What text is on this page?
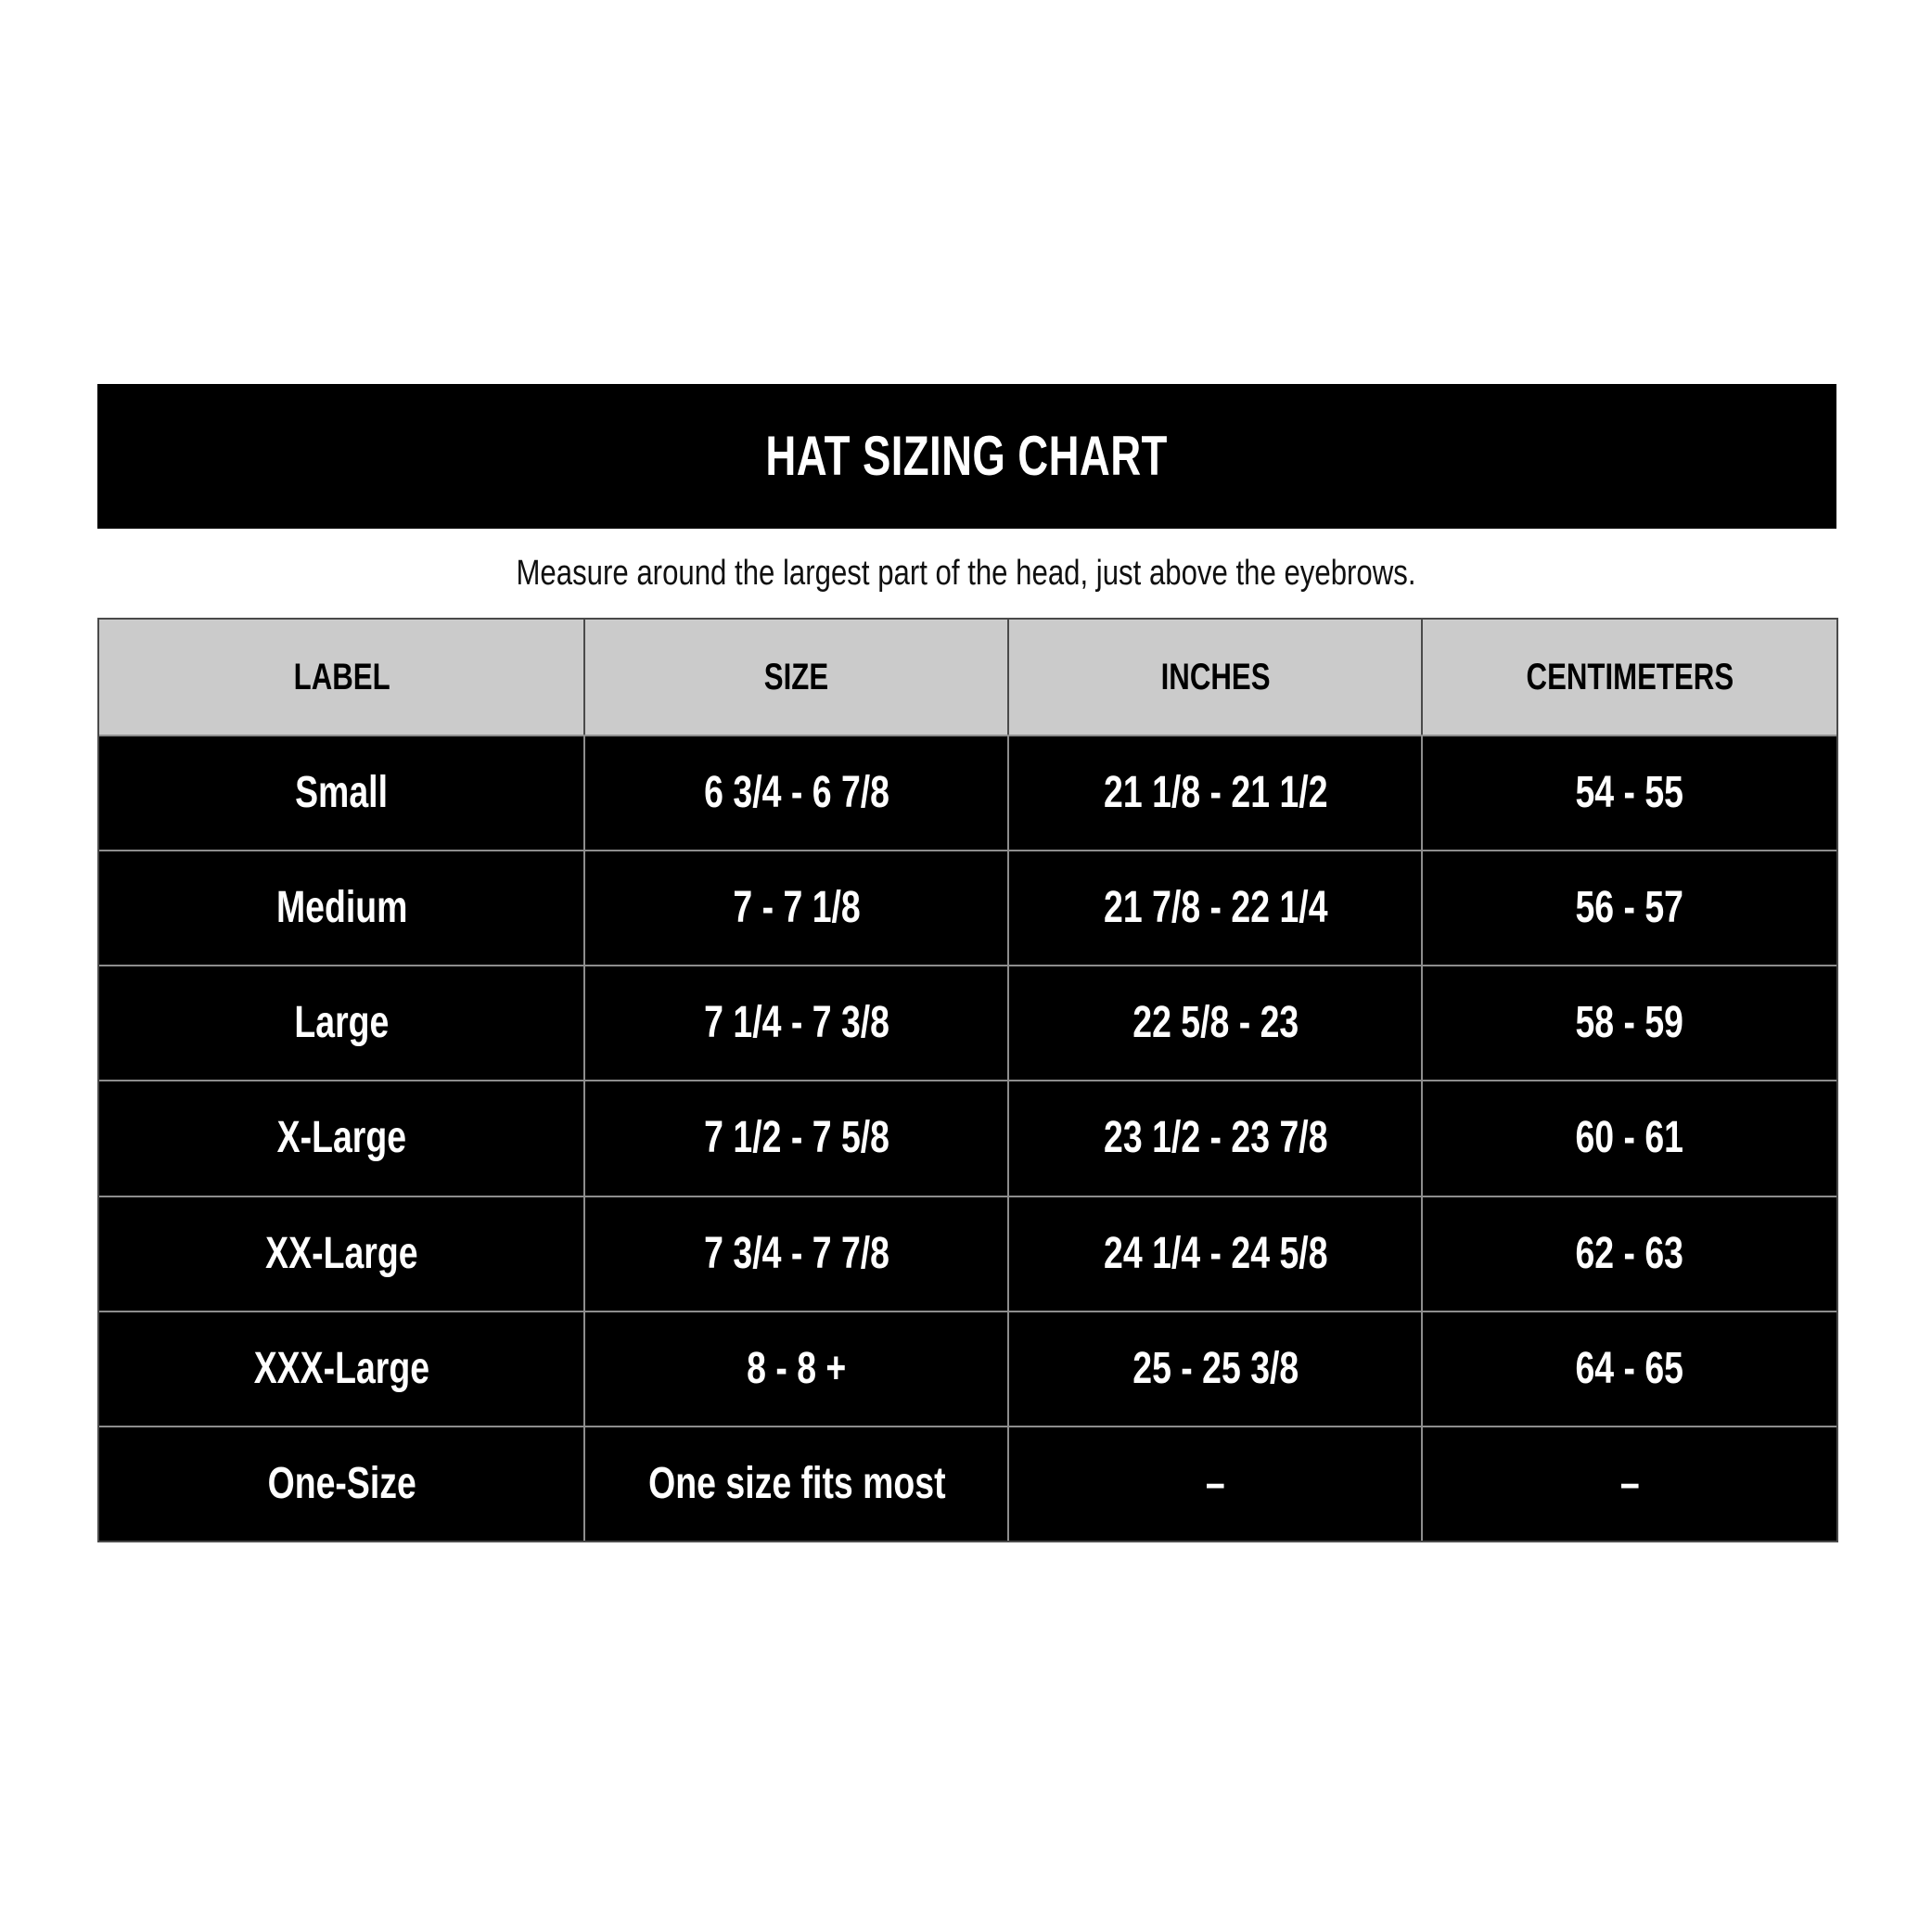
HAT SIZING CHART
Measure around the largest part of the head, just above the eyebrows.
LABEL	SIZE	INCHES	CENTIMETERS
Small	6 3/4 - 6 7/8	21 1/8 - 21 1/2	54 - 55
Medium	7 - 7 1/8	21 7/8 - 22 1/4	56 - 57
Large	7 1/4 - 7 3/8	22 5/8 - 23	58 - 59
X-Large	7 1/2 - 7 5/8	23 1/2 - 23 7/8	60 - 61
XX-Large	7 3/4 - 7 7/8	24 1/4 - 24 5/8	62 - 63
XXX-Large	8 - 8 +	25 - 25 3/8	64 - 65
One-Size	One size fits most	–	–
